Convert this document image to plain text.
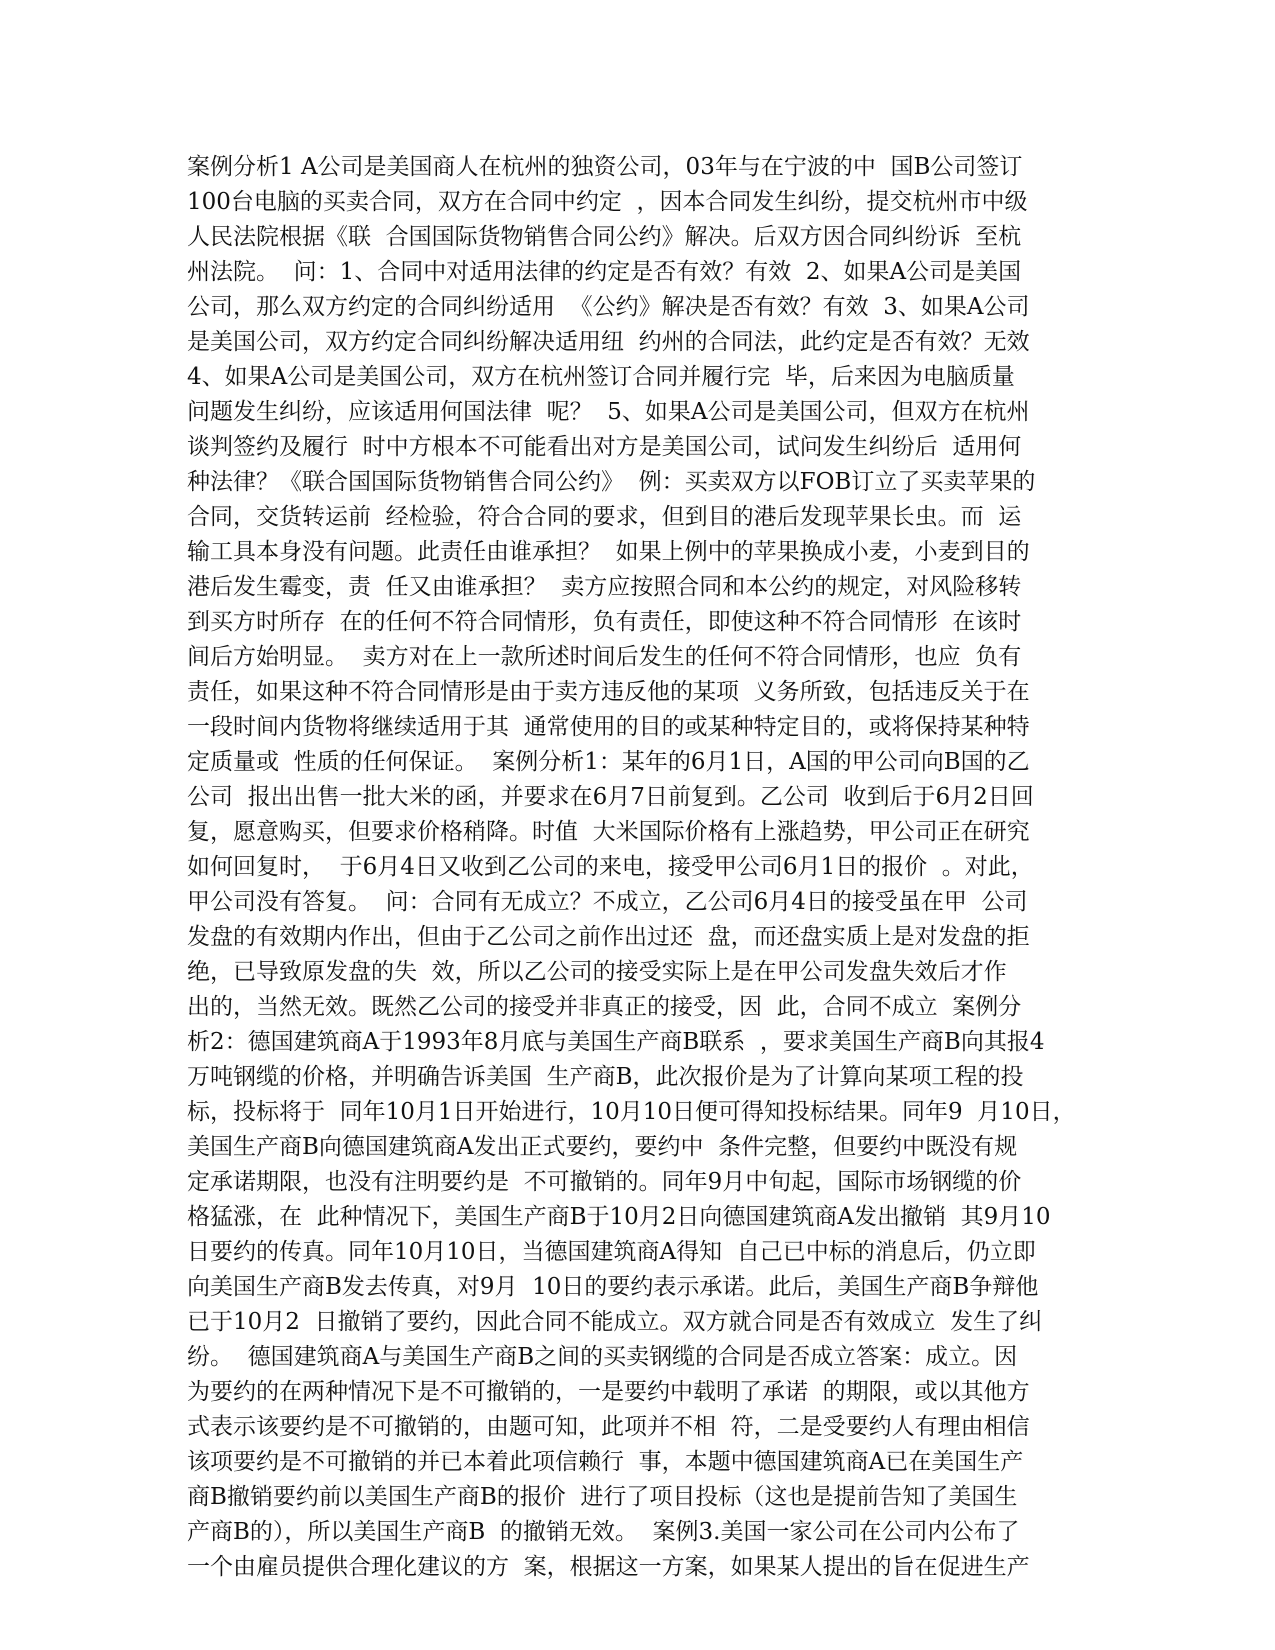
案例分析1 A公司是美国商人在杭州的独资公司，03年与在宁波的中  国B公司签订
100台电脑的买卖合同，双方在合同中约定  ，因本合同发生纠纷，提交杭州市中级
人民法院根据《联  合国国际货物销售合同公约》解决。后双方因合同纠纷诉  至杭
州法院。  问：1、合同中对适用法律的约定是否有效？有效  2、如果A公司是美国
公司，那么双方约定的合同纠纷适用  《公约》解决是否有效？有效  3、如果A公司
是美国公司，双方约定合同纠纷解决适用纽  约州的合同法，此约定是否有效？无效
4、如果A公司是美国公司，双方在杭州签订合同并履行完  毕，后来因为电脑质量
问题发生纠纷，应该适用何国法律  呢？  5、如果A公司是美国公司，但双方在杭州
谈判签约及履行  时中方根本不可能看出对方是美国公司，试问发生纠纷后  适用何
种法律？《联合国国际货物销售合同公约》  例：买卖双方以FOB订立了买卖苹果的
合同，交货转运前  经检验，符合合同的要求，但到目的港后发现苹果长虫。而  运
输工具本身没有问题。此责任由谁承担？  如果上例中的苹果换成小麦，小麦到目的
港后发生霉变，责  任又由谁承担？  卖方应按照合同和本公约的规定，对风险移转
到买方时所存  在的任何不符合同情形，负有责任，即使这种不符合同情形  在该时
间后方始明显。  卖方对在上一款所述时间后发生的任何不符合同情形，也应  负有
责任，如果这种不符合同情形是由于卖方违反他的某项  义务所致，包括违反关于在
一段时间内货物将继续适用于其  通常使用的目的或某种特定目的，或将保持某种特
定质量或  性质的任何保证。  案例分析1：某年的6月1日，A国的甲公司向B国的乙
公司  报出出售一批大米的函，并要求在6月7日前复到。乙公司  收到后于6月2日回
复，愿意购买，但要求价格稍降。时值  大米国际价格有上涨趋势，甲公司正在研究
如何回复时，  于6月4日又收到乙公司的来电，接受甲公司6月1日的报价  。对此，
甲公司没有答复。  问：合同有无成立？不成立，乙公司6月4日的接受虽在甲  公司
发盘的有效期内作出，但由于乙公司之前作出过还  盘，而还盘实质上是对发盘的拒
绝，已导致原发盘的失  效，所以乙公司的接受实际上是在甲公司发盘失效后才作
出的，当然无效。既然乙公司的接受并非真正的接受，因  此，合同不成立  案例分
析2：德国建筑商A于1993年8月底与美国生产商B联系  ，要求美国生产商B向其报4
万吨钢缆的价格，并明确告诉美国  生产商B，此次报价是为了计算向某项工程的投
标，投标将于  同年10月1日开始进行，10月10日便可得知投标结果。同年9  月10日，
美国生产商B向德国建筑商A发出正式要约，要约中  条件完整，但要约中既没有规
定承诺期限，也没有注明要约是  不可撤销的。同年9月中旬起，国际市场钢缆的价
格猛涨，在  此种情况下，美国生产商B于10月2日向德国建筑商A发出撤销  其9月10
日要约的传真。同年10月10日，当德国建筑商A得知  自己已中标的消息后，仍立即
向美国生产商B发去传真，对9月  10日的要约表示承诺。此后，美国生产商B争辩他
已于10月2  日撤销了要约，因此合同不能成立。双方就合同是否有效成立  发生了纠
纷。  德国建筑商A与美国生产商B之间的买卖钢缆的合同是否成立答案：成立。因
为要约的在两种情况下是不可撤销的，一是要约中载明了承诺  的期限，或以其他方
式表示该要约是不可撤销的，由题可知，此项并不相  符，二是受要约人有理由相信
该项要约是不可撤销的并已本着此项信赖行  事，本题中德国建筑商A已在美国生产
商B撤销要约前以美国生产商B的报价  进行了项目投标（这也是提前告知了美国生
产商B的），所以美国生产商B  的撤销无效。  案例3.美国一家公司在公司内公布了
一个由雇员提供合理化建议的方  案，根据这一方案，如果某人提出的旨在促进生产
